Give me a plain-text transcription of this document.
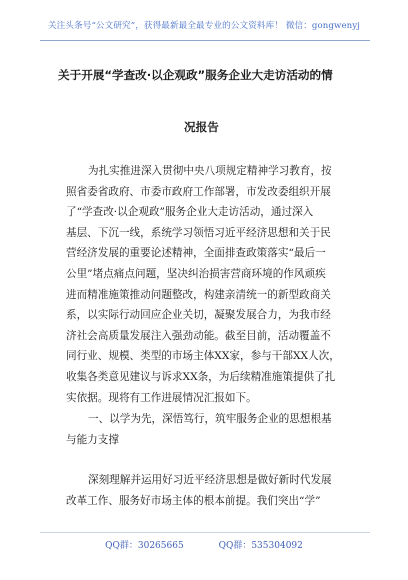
关注头条号“公文研究”，获得最新最全最专业的公文资料库！ 微信：gongwenyj
关于开展“学查改·以企观政”服务企业大走访活动的情
况报告
为扎实推进深入贯彻中央八项规定精神学习教育，按
照省委省政府、市委市政府工作部署，市发改委组织开展
了“学查改·以企观政”服务企业大走访活动，通过深入
基层、下沉一线，系统学习领悟习近平经济思想和关于民
营经济发展的重要论述精神，全面排查政策落实“最后一
公里”堵点痛点问题，坚决纠治损害营商环境的作风顽疾
进而精准施策推动问题整改，构建亲清统一的新型政商关
系，以实际行动回应企业关切，凝聚发展合力，为我市经
济社会高质量发展注入强劲动能。截至目前，活动覆盖不
同行业、规模、类型的市场主体XX家，参与干部XX人次，
收集各类意见建议与诉求XX条，为后续精准施策提供了扎
实依据。现将有工作进展情况汇报如下。
一、以学为先，深悟笃行，筑牢服务企业的思想根基
与能力支撑
深刻理解并运用好习近平经济思想是做好新时代发展
改革工作、服务好市场主体的根本前提。我们突出“学”
QQ群：30265665	QQ群：535304092
